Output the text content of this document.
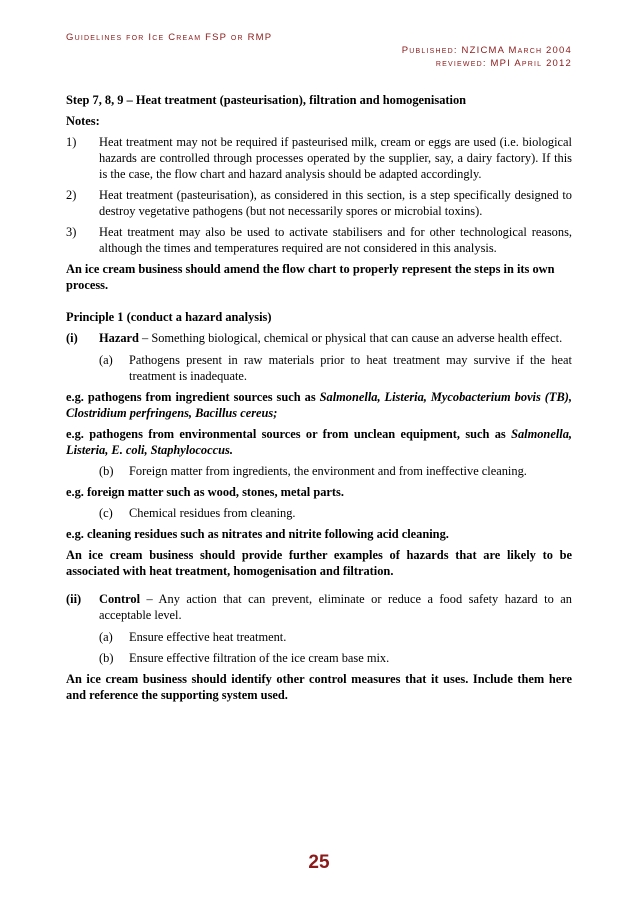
Guidelines for Ice Cream FSP or RMP
Published: NZICMA March 2004
reviewed: MPI April 2012

Step 7, 8, 9 – Heat treatment (pasteurisation), filtration and homogenisation

Notes:

1)	Heat treatment may not be required if pasteurised milk, cream or eggs are used (i.e. biological hazards are controlled through processes operated by the supplier, say, a dairy factory). If this is the case, the flow chart and hazard analysis should be adapted accordingly.
2)	Heat treatment (pasteurisation), as considered in this section, is a step specifically designed to destroy vegetative pathogens (but not necessarily spores or microbial toxins).
3)	Heat treatment may also be used to activate stabilisers and for other technological reasons, although the times and temperatures required are not considered in this analysis.

An ice cream business should amend the flow chart to properly represent the steps in its own process.

Principle 1 (conduct a hazard analysis)

(i)	Hazard – Something biological, chemical or physical that can cause an adverse health effect.
(a)	Pathogens present in raw materials prior to heat treatment may survive if the heat treatment is inadequate.

e.g. pathogens from ingredient sources such as Salmonella, Listeria, Mycobacterium bovis (TB), Clostridium perfringens, Bacillus cereus;

e.g. pathogens from environmental sources or from unclean equipment, such as Salmonella, Listeria, E. coli, Staphylococcus.

(b)	Foreign matter from ingredients, the environment and from ineffective cleaning.

e.g. foreign matter such as wood, stones, metal parts.

(c)	Chemical residues from cleaning.

e.g. cleaning residues such as nitrates and nitrite following acid cleaning.

An ice cream business should provide further examples of hazards that are likely to be associated with heat treatment, homogenisation and filtration.

(ii)	Control – Any action that can prevent, eliminate or reduce a food safety hazard to an acceptable level.
(a)	Ensure effective heat treatment.
(b)	Ensure effective filtration of the ice cream base mix.

An ice cream business should identify other control measures that it uses. Include them here and reference the supporting system used.

25
